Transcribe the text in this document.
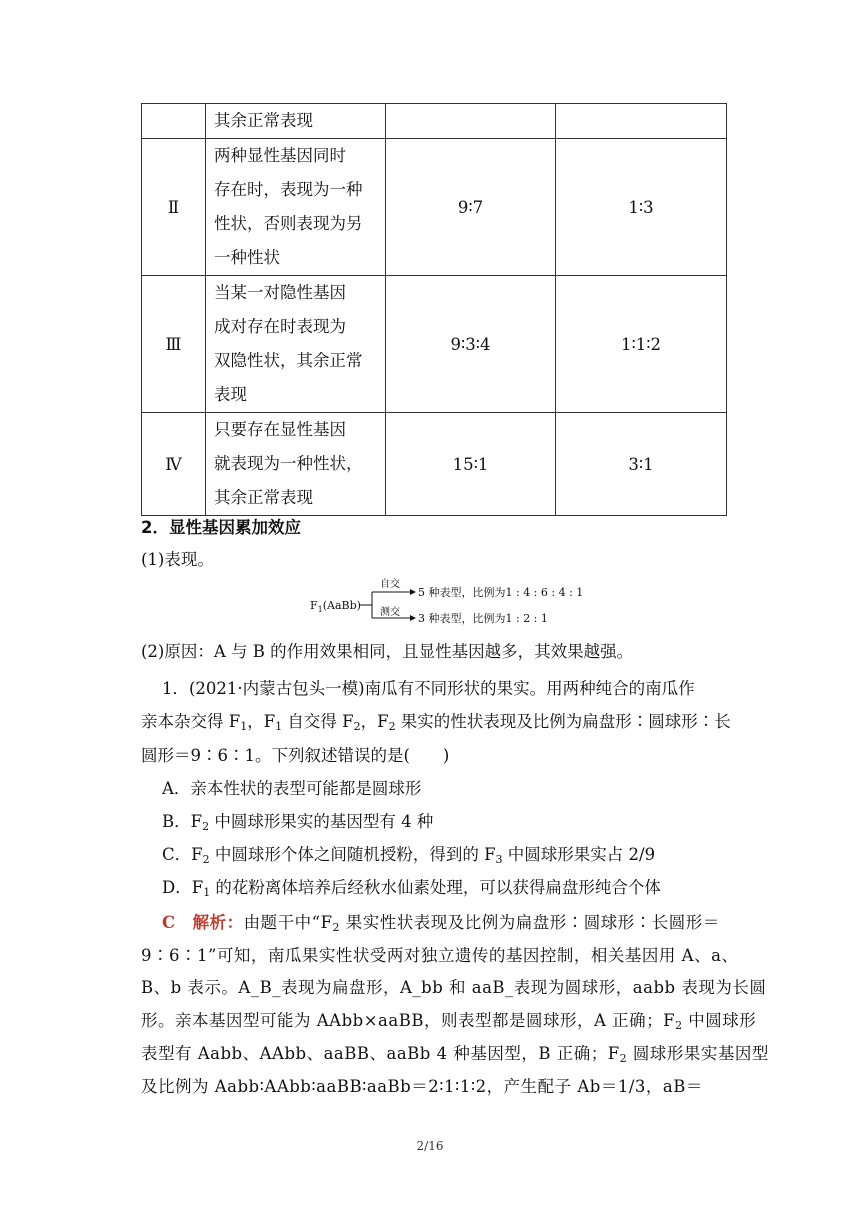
	其余正常表现		

Ⅱ	两种显性基因同时
存在时，表现为一种
性状，否则表现为另
一种性状	9∶7	1∶3
Ⅲ	当某一对隐性基因
成对存在时表现为
双隐性状，其余正常
表现	9∶3∶4	1∶1∶2
Ⅳ	只要存在显性基因
就表现为一种性状，
其余正常表现	15∶1	3∶1
2．显性基因累加效应
(1)表现。
$F_1(AaBb)$
自交
测交
5 种表型，比例为1 : 4 : 6 : 4 : 1
3 种表型，比例为1 : 2 : 1
(2)原因：A 与 B 的作用效果相同，且显性基因越多，其效果越强。
1．(2021·内蒙古包头一模)南瓜有不同形状的果实。用两种纯合的南瓜作
亲本杂交得 $F_1$，$F_1$ 自交得 $F_2$，$F_2$ 果实的性状表现及比例为扁盘形∶圆球形∶长
圆形＝9∶6∶1。下列叙述错误的是(　　)
A．亲本性状的表型可能都是圆球形
B．$F_2$ 中圆球形果实的基因型有 4 种
C．$F_2$ 中圆球形个体之间随机授粉，得到的 $F_3$ 中圆球形果实占 2/9
D．$F_1$ 的花粉离体培养后经秋水仙素处理，可以获得扁盘形纯合个体
C　 解析：由题干中“$F_2$ 果实性状表现及比例为扁盘形∶圆球形∶长圆形＝
9∶6∶1”可知，南瓜果实性状受两对独立遗传的基因控制，相关基因用 A、a、
B、b 表示。A_B_表现为扁盘形，A_bb 和 aaB_表现为圆球形，aabb 表现为长圆
形。亲本基因型可能为 AAbb×aaBB，则表型都是圆球形，A 正确；$F_2$ 中圆球形
表型有 Aabb、AAbb、aaBB、aaBb 4 种基因型，B 正确；$F_2$ 圆球形果实基因型
及比例为 Aabb∶AAbb∶aaBB∶aaBb＝2∶1∶1∶2，产生配子 Ab＝1/3，aB＝
2/16
